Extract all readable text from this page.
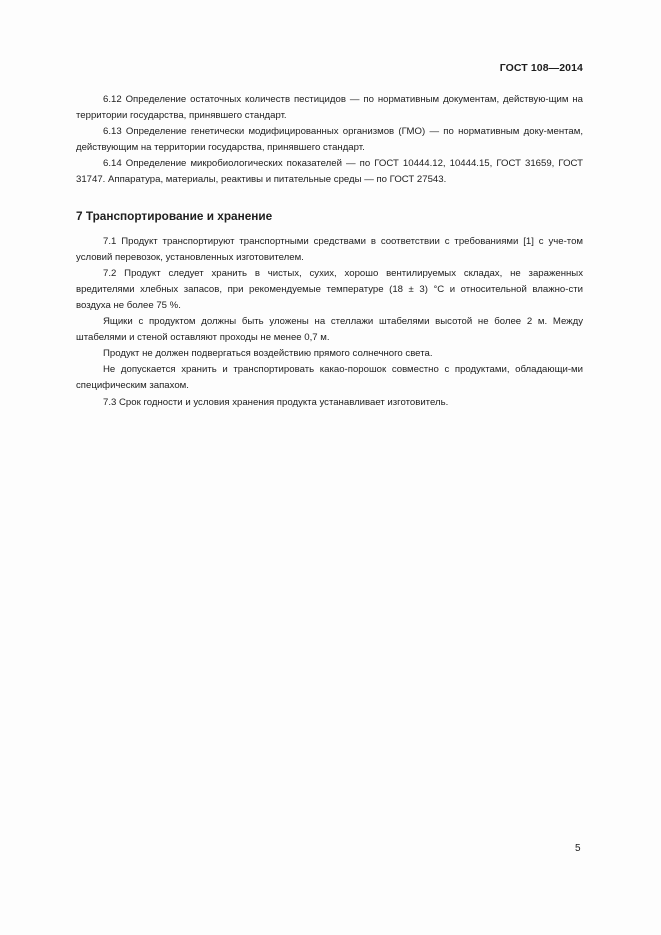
ГОСТ 108—2014

6.12 Определение остаточных количеств пестицидов — по нормативным документам, действую-щим на территории государства, принявшего стандарт.

6.13 Определение генетически модифицированных организмов (ГМО) — по нормативным доку-ментам, действующим на территории государства, принявшего стандарт.

6.14 Определение микробиологических показателей — по ГОСТ 10444.12, 10444.15, ГОСТ 31659, ГОСТ 31747. Аппаратура, материалы, реактивы и питательные среды — по ГОСТ 27543.

7 Транспортирование и хранение

7.1 Продукт транспортируют транспортными средствами в соответствии с требованиями [1] с уче-том условий перевозок, установленных изготовителем.

7.2 Продукт следует хранить в чистых, сухих, хорошо вентилируемых складах, не зараженных вредителями хлебных запасов, при рекомендуемые температуре (18 ± 3) °С и относительной влажно-сти воздуха не более 75 %.

Ящики с продуктом должны быть уложены на стеллажи штабелями высотой не более 2 м. Между штабелями и стеной оставляют проходы не менее 0,7 м.

Продукт не должен подвергаться воздействию прямого солнечного света.

Не допускается хранить и транспортировать какао-порошок совместно с продуктами, обладающи-ми специфическим запахом.

7.3 Срок годности и условия хранения продукта устанавливает изготовитель.

5
